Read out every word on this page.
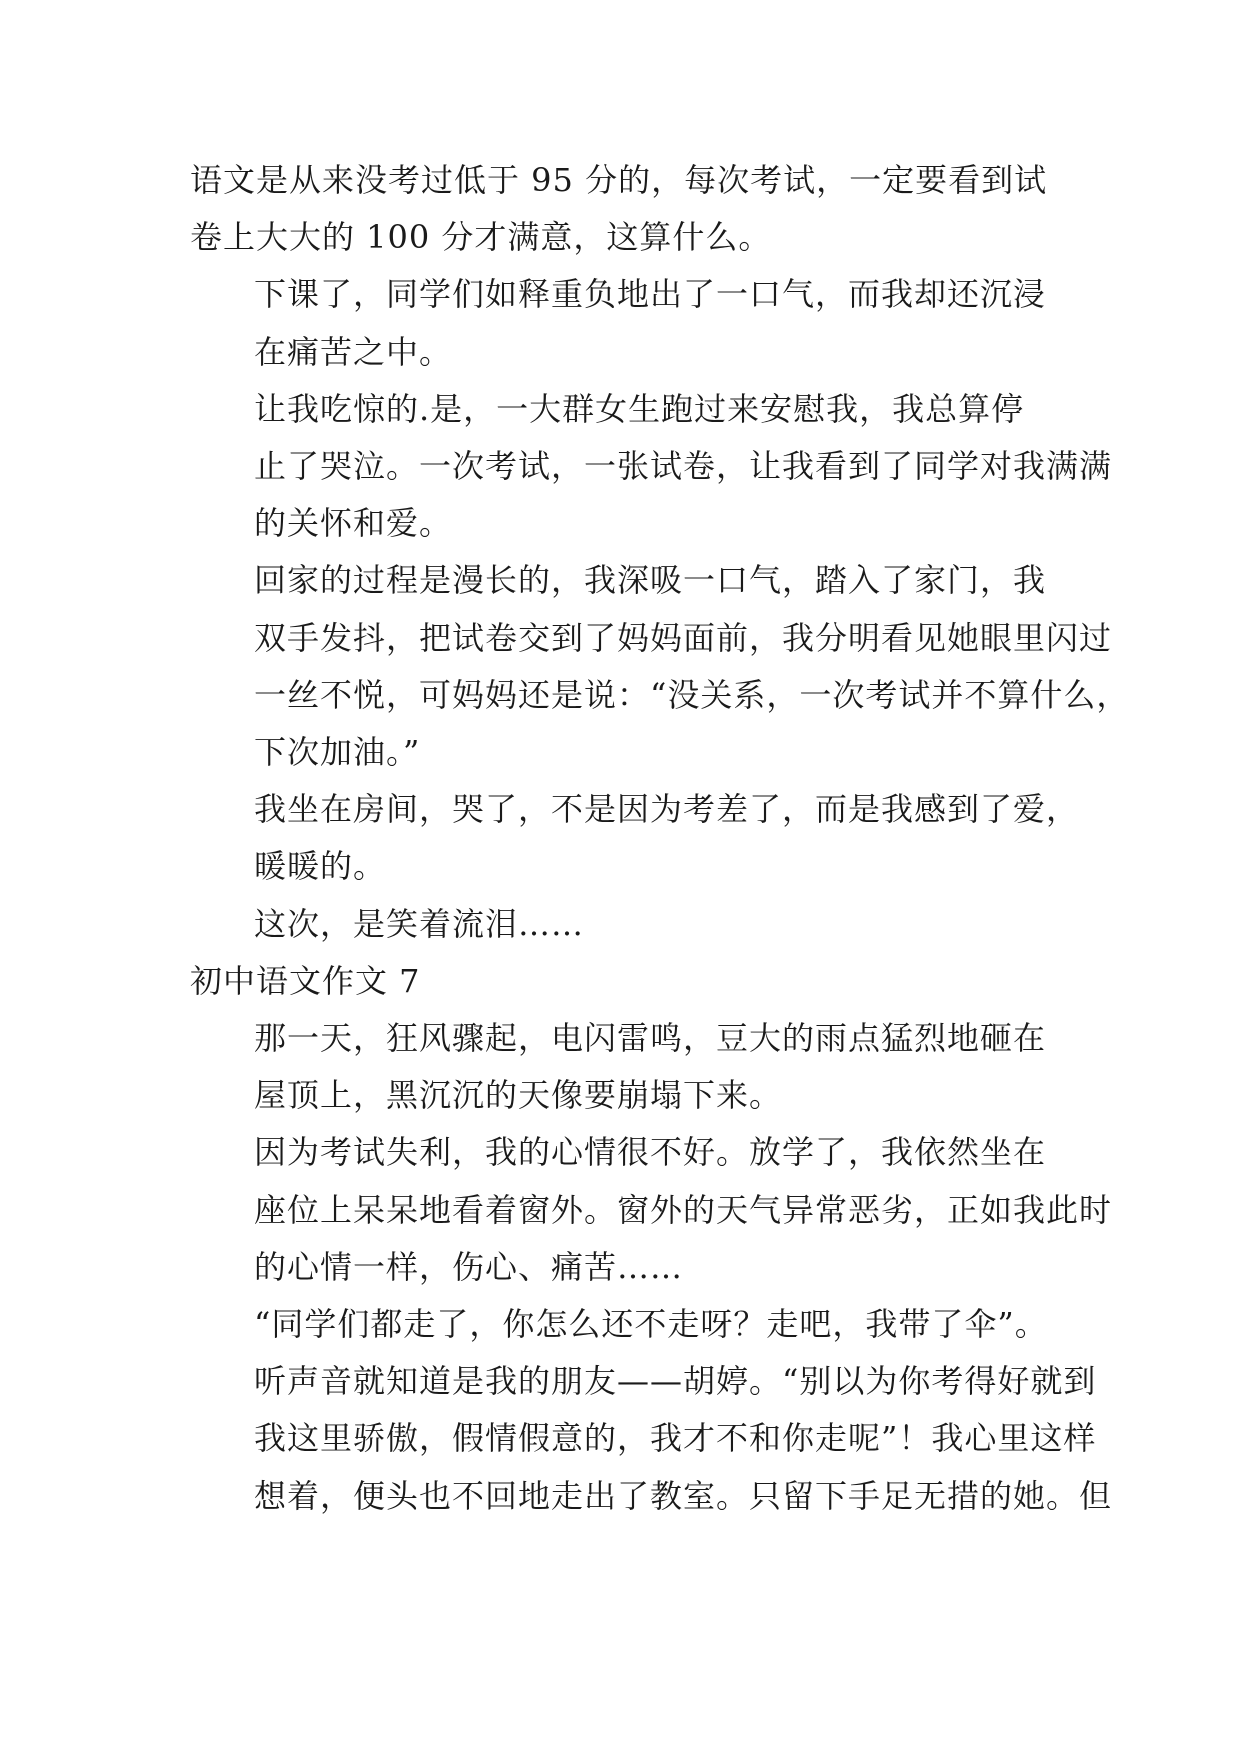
语文是从来没考过低于 95 分的，每次考试，一定要看到试
卷上大大的 100 分才满意，这算什么。
下课了，同学们如释重负地出了一口气，而我却还沉浸
在痛苦之中。
让我吃惊的.是，一大群女生跑过来安慰我，我总算停
止了哭泣。一次考试，一张试卷，让我看到了同学对我满满
的关怀和爱。
回家的过程是漫长的，我深吸一口气，踏入了家门，我
双手发抖，把试卷交到了妈妈面前，我分明看见她眼里闪过
一丝不悦，可妈妈还是说：“没关系，一次考试并不算什么，
下次加油。”
我坐在房间，哭了，不是因为考差了，而是我感到了爱，
暖暖的。
这次，是笑着流泪……
初中语文作文 7
那一天，狂风骤起，电闪雷鸣，豆大的雨点猛烈地砸在
屋顶上，黑沉沉的天像要崩塌下来。
因为考试失利，我的心情很不好。放学了，我依然坐在
座位上呆呆地看着窗外。窗外的天气异常恶劣，正如我此时
的心情一样，伤心、痛苦……
“同学们都走了，你怎么还不走呀？走吧，我带了伞”。
听声音就知道是我的朋友——胡婷。“别以为你考得好就到
我这里骄傲，假情假意的，我才不和你走呢”！我心里这样
想着，便头也不回地走出了教室。只留下手足无措的她。但
